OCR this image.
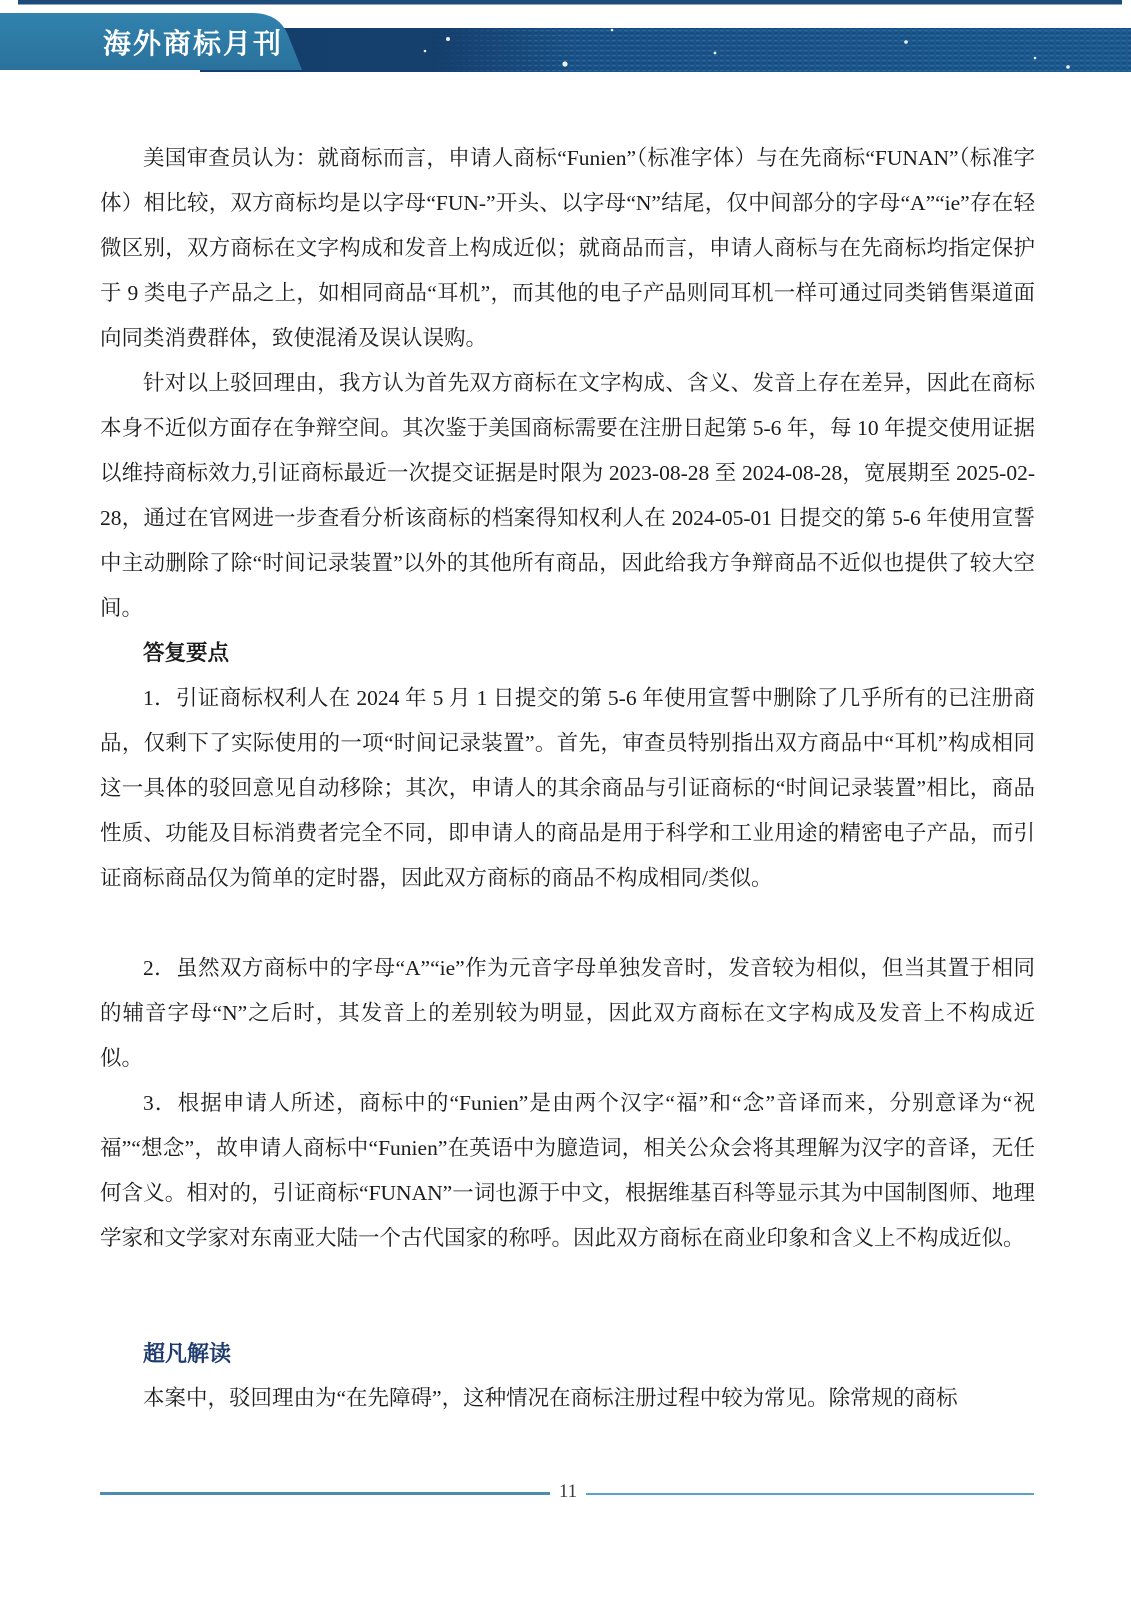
海外商标月刊

美国审查员认为：就商标而言，申请人商标“Funien”（标准字体）与在先商标“FUNAN”（标准字体）相比较，双方商标均是以字母“FUN-”开头、以字母“N”结尾，仅中间部分的字母“A”“ie”存在轻微区别，双方商标在文字构成和发音上构成近似；就商品而言，申请人商标与在先商标均指定保护于 9 类电子产品之上，如相同商品“耳机”，而其他的电子产品则同耳机一样可通过同类销售渠道面向同类消费群体，致使混淆及误认误购。

针对以上驳回理由，我方认为首先双方商标在文字构成、含义、发音上存在差异，因此在商标本身不近似方面存在争辩空间。其次鉴于美国商标需要在注册日起第 5-6 年，每 10 年提交使用证据以维持商标效力,引证商标最近一次提交证据是时限为 2023-08-28 至 2024-08-28，宽展期至 2025-02-28，通过在官网进一步查看分析该商标的档案得知权利人在 2024-05-01 日提交的第 5-6 年使用宣誓中主动删除了除“时间记录装置”以外的其他所有商品，因此给我方争辩商品不近似也提供了较大空间。

答复要点

1．引证商标权利人在 2024 年 5 月 1 日提交的第 5-6 年使用宣誓中删除了几乎所有的已注册商品，仅剩下了实际使用的一项“时间记录装置”。首先，审查员特别指出双方商品中“耳机”构成相同这一具体的驳回意见自动移除；其次，申请人的其余商品与引证商标的“时间记录装置”相比，商品性质、功能及目标消费者完全不同，即申请人的商品是用于科学和工业用途的精密电子产品，而引证商标商品仅为简单的定时器，因此双方商标的商品不构成相同/类似。

2．虽然双方商标中的字母“A”“ie”作为元音字母单独发音时，发音较为相似，但当其置于相同的辅音字母“N”之后时，其发音上的差别较为明显，因此双方商标在文字构成及发音上不构成近似。

3．根据申请人所述，商标中的“Funien”是由两个汉字“福”和“念”音译而来，分别意译为“祝福”“想念”，故申请人商标中“Funien”在英语中为臆造词，相关公众会将其理解为汉字的音译，无任何含义。相对的，引证商标“FUNAN”一词也源于中文，根据维基百科等显示其为中国制图师、地理学家和文学家对东南亚大陆一个古代国家的称呼。因此双方商标在商业印象和含义上不构成近似。

超凡解读

本案中，驳回理由为“在先障碍”，这种情况在商标注册过程中较为常见。除常规的商标

11
